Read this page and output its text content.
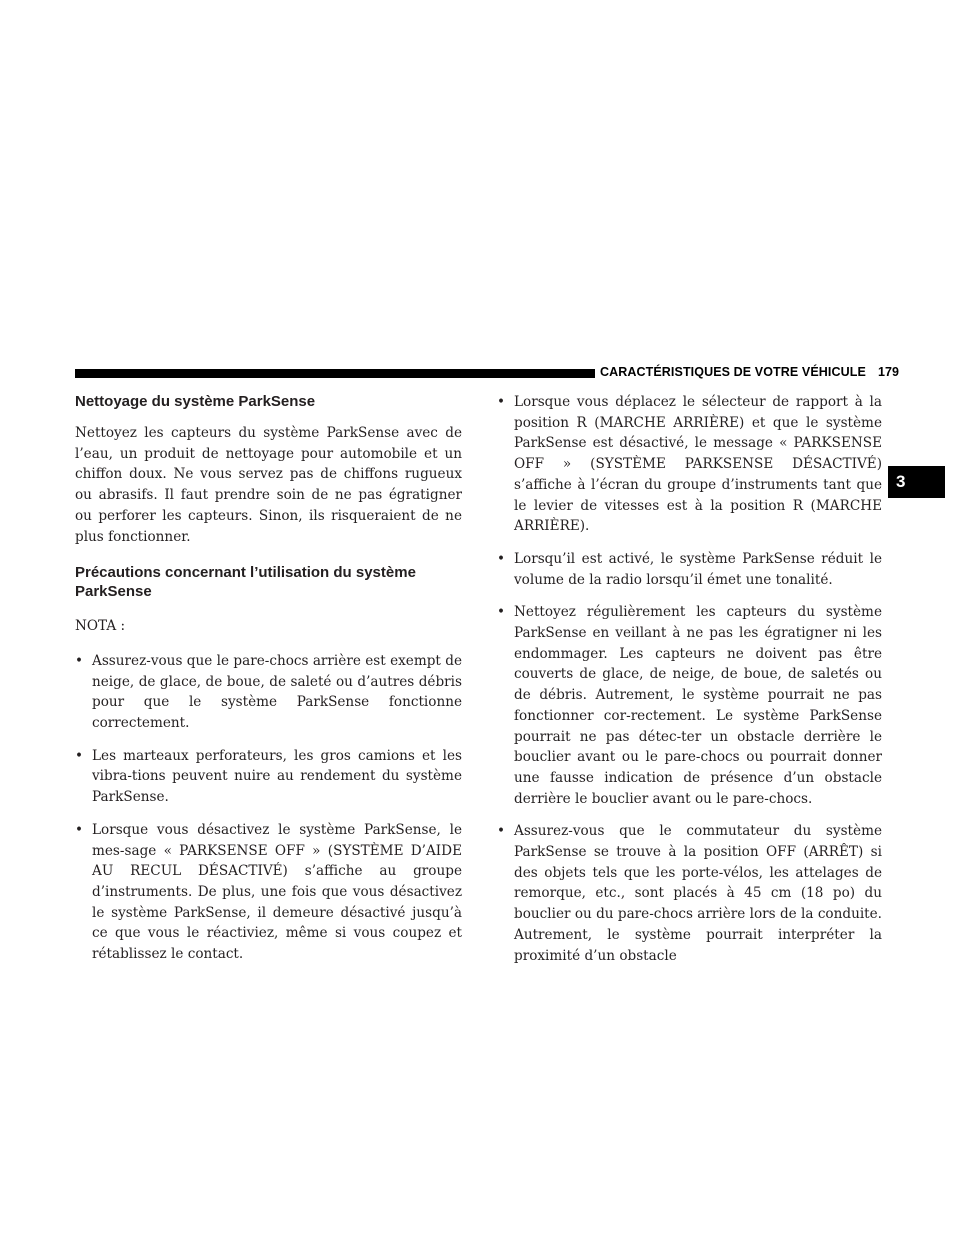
CARACTÉRISTIQUES DE VOTRE VÉHICULE 179
3
Nettoyage du système ParkSense

Nettoyez les capteurs du système ParkSense avec de l’eau, un produit de nettoyage pour automobile et un chiffon doux. Ne vous servez pas de chiffons rugueux ou abrasifs. Il faut prendre soin de ne pas égratigner ou perforer les capteurs. Sinon, ils risqueraient de ne plus fonctionner.

Précautions concernant l’utilisation du système ParkSense

NOTA :

• Assurez-vous que le pare-chocs arrière est exempt de neige, de glace, de boue, de saleté ou d’autres débris pour que le système ParkSense fonctionne correctement.
• Les marteaux perforateurs, les gros camions et les vibra-tions peuvent nuire au rendement du système ParkSense.
• Lorsque vous désactivez le système ParkSense, le mes-sage « PARKSENSE OFF » (SYSTÈME D’AIDE AU RECUL DÉSACTIVÉ) s’affiche au groupe d’instruments. De plus, une fois que vous désactivez le système ParkSense, il demeure désactivé jusqu’à ce que vous le réactiviez, même si vous coupez et rétablissez le contact.
• Lorsque vous déplacez le sélecteur de rapport à la position R (MARCHE ARRIÈRE) et que le système ParkSense est désactivé, le message « PARKSENSE OFF » (SYSTÈME PARKSENSE DÉSACTIVÉ) s’affiche à l’écran du groupe d’instruments tant que le levier de vitesses est à la position R (MARCHE ARRIÈRE).
• Lorsqu’il est activé, le système ParkSense réduit le volume de la radio lorsqu’il émet une tonalité.
• Nettoyez régulièrement les capteurs du système ParkSense en veillant à ne pas les égratigner ni les endommager. Les capteurs ne doivent pas être couverts de glace, de neige, de boue, de saletés ou de débris. Autrement, le système pourrait ne pas fonctionner cor-rectement. Le système ParkSense pourrait ne pas détec-ter un obstacle derrière le bouclier avant ou le pare-chocs ou pourrait donner une fausse indication de présence d’un obstacle derrière le bouclier avant ou le pare-chocs.
• Assurez-vous que le commutateur du système ParkSense se trouve à la position OFF (ARRÊT) si des objets tels que les porte-vélos, les attelages de remorque, etc., sont placés à 45 cm (18 po) du bouclier ou du pare-chocs arrière lors de la conduite. Autrement, le système pourrait interpréter la proximité d’un obstacle
